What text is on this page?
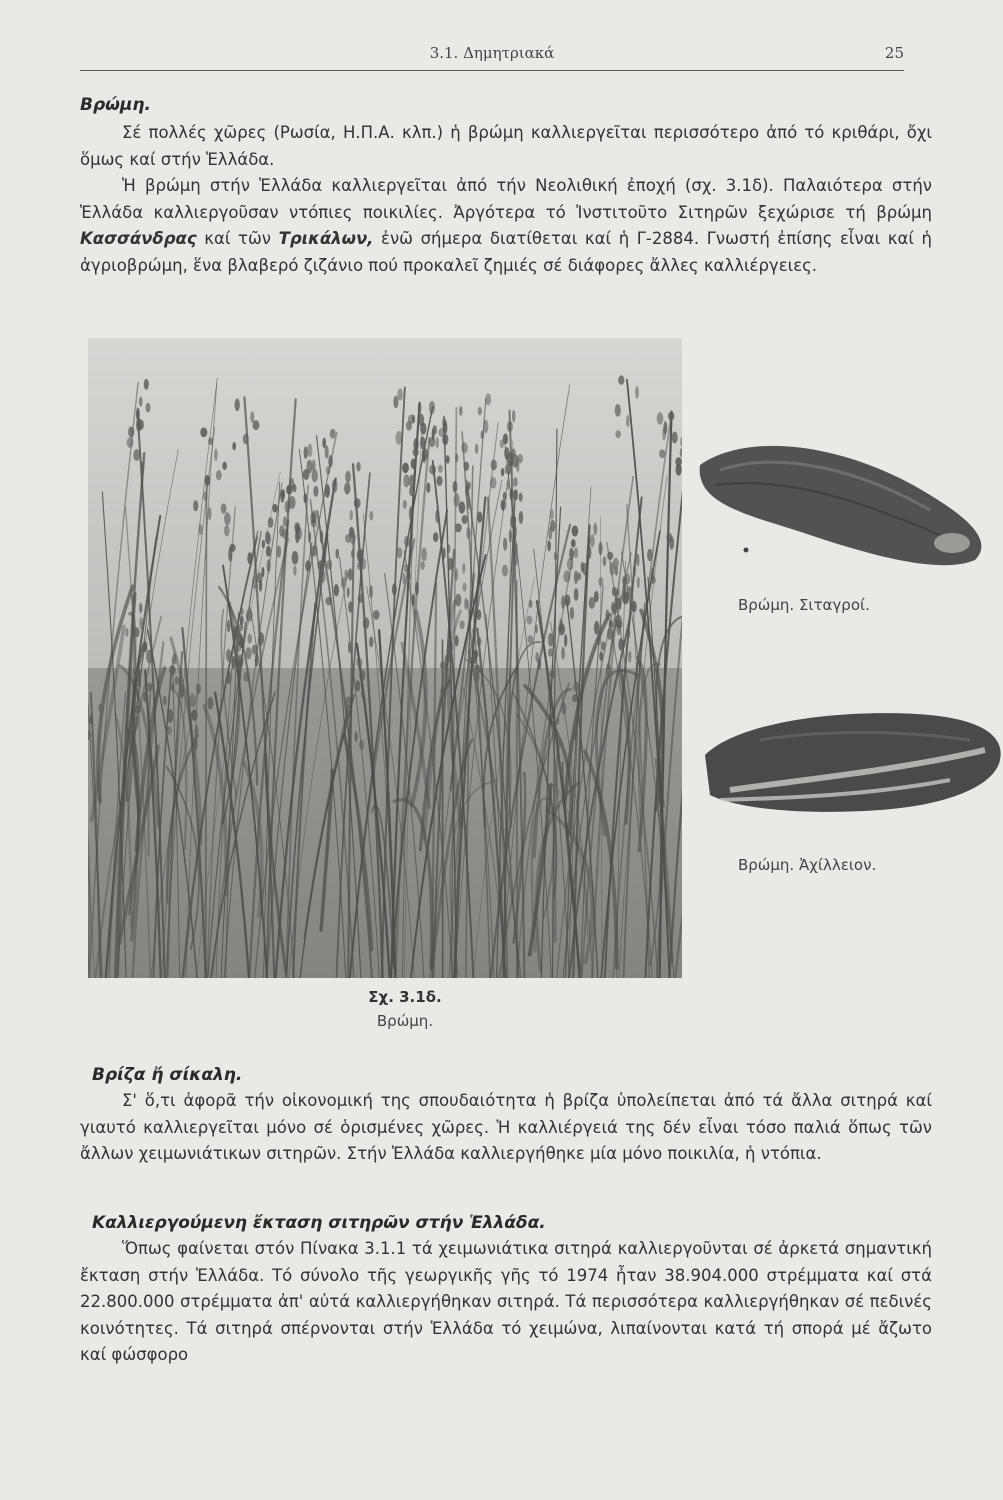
3.1. Δημητριακά	25
Βρώμη.

Σέ πολλές χῶρες (Ρωσία, Η.Π.Α. κλπ.) ἡ βρώμη καλλιεργεῖται περισσότερο ἀπό τό κριθάρι, ὄχι ὅμως καί στήν Ἑλλάδα.

Ἡ βρώμη στήν Ἑλλάδα καλλιεργεῖται ἀπό τήν Νεολιθική ἐποχή (σχ. 3.1δ). Παλαιότερα στήν Ἑλλάδα καλλιεργοῦσαν ντόπιες ποικιλίες. Ἀργότερα τό Ἰνστιτοῦτο Σιτηρῶν ξεχώρισε τή βρώμη Κασσάνδρας καί τῶν Τρικάλων, ἐνῶ σήμερα διατίθεται καί ἡ Γ-2884. Γνωστή ἐπίσης εἶναι καί ἡ ἀγριοβρώμη, ἕνα βλαβερό ζιζάνιο πού προκαλεῖ ζημιές σέ διάφορες ἄλλες καλλιέργειες.

Βρώμη. Σιταγροί.
Βρώμη. Ἀχίλλειον.
Σχ. 3.1δ.
Βρώμη.
Βρίζα ἤ σίκαλη.

Σ' ὅ,τι ἀφορᾶ τήν οἰκονομική της σπουδαιότητα ἡ βρίζα ὑπολείπεται ἀπό τά ἄλλα σιτηρά καί γιαυτό καλλιεργεῖται μόνο σέ ὁρισμένες χῶρες. Ἡ καλλιέργειά της δέν εἶναι τόσο παλιά ὅπως τῶν ἄλλων χειμωνιάτικων σιτηρῶν. Στήν Ἑλλάδα καλλιεργήθηκε μία μόνο ποικιλία, ἡ ντόπια.

Καλλιεργούμενη ἔκταση σιτηρῶν στήν Ἑλλάδα.

Ὅπως φαίνεται στόν Πίνακα 3.1.1 τά χειμωνιάτικα σιτηρά καλλιεργοῦνται σέ ἀρκετά σημαντική ἔκταση στήν Ἑλλάδα. Τό σύνολο τῆς γεωργικῆς γῆς τό 1974 ἦταν 38.904.000 στρέμματα καί στά 22.800.000 στρέμματα ἀπ' αὐτά καλλιεργήθηκαν σιτηρά. Τά περισσότερα καλλιεργήθηκαν σέ πεδινές κοινότητες. Τά σιτηρά σπέρνονται στήν Ἑλλάδα τό χειμώνα, λιπαίνονται κατά τή σπορά μέ ἄζωτο καί φώσφορο
